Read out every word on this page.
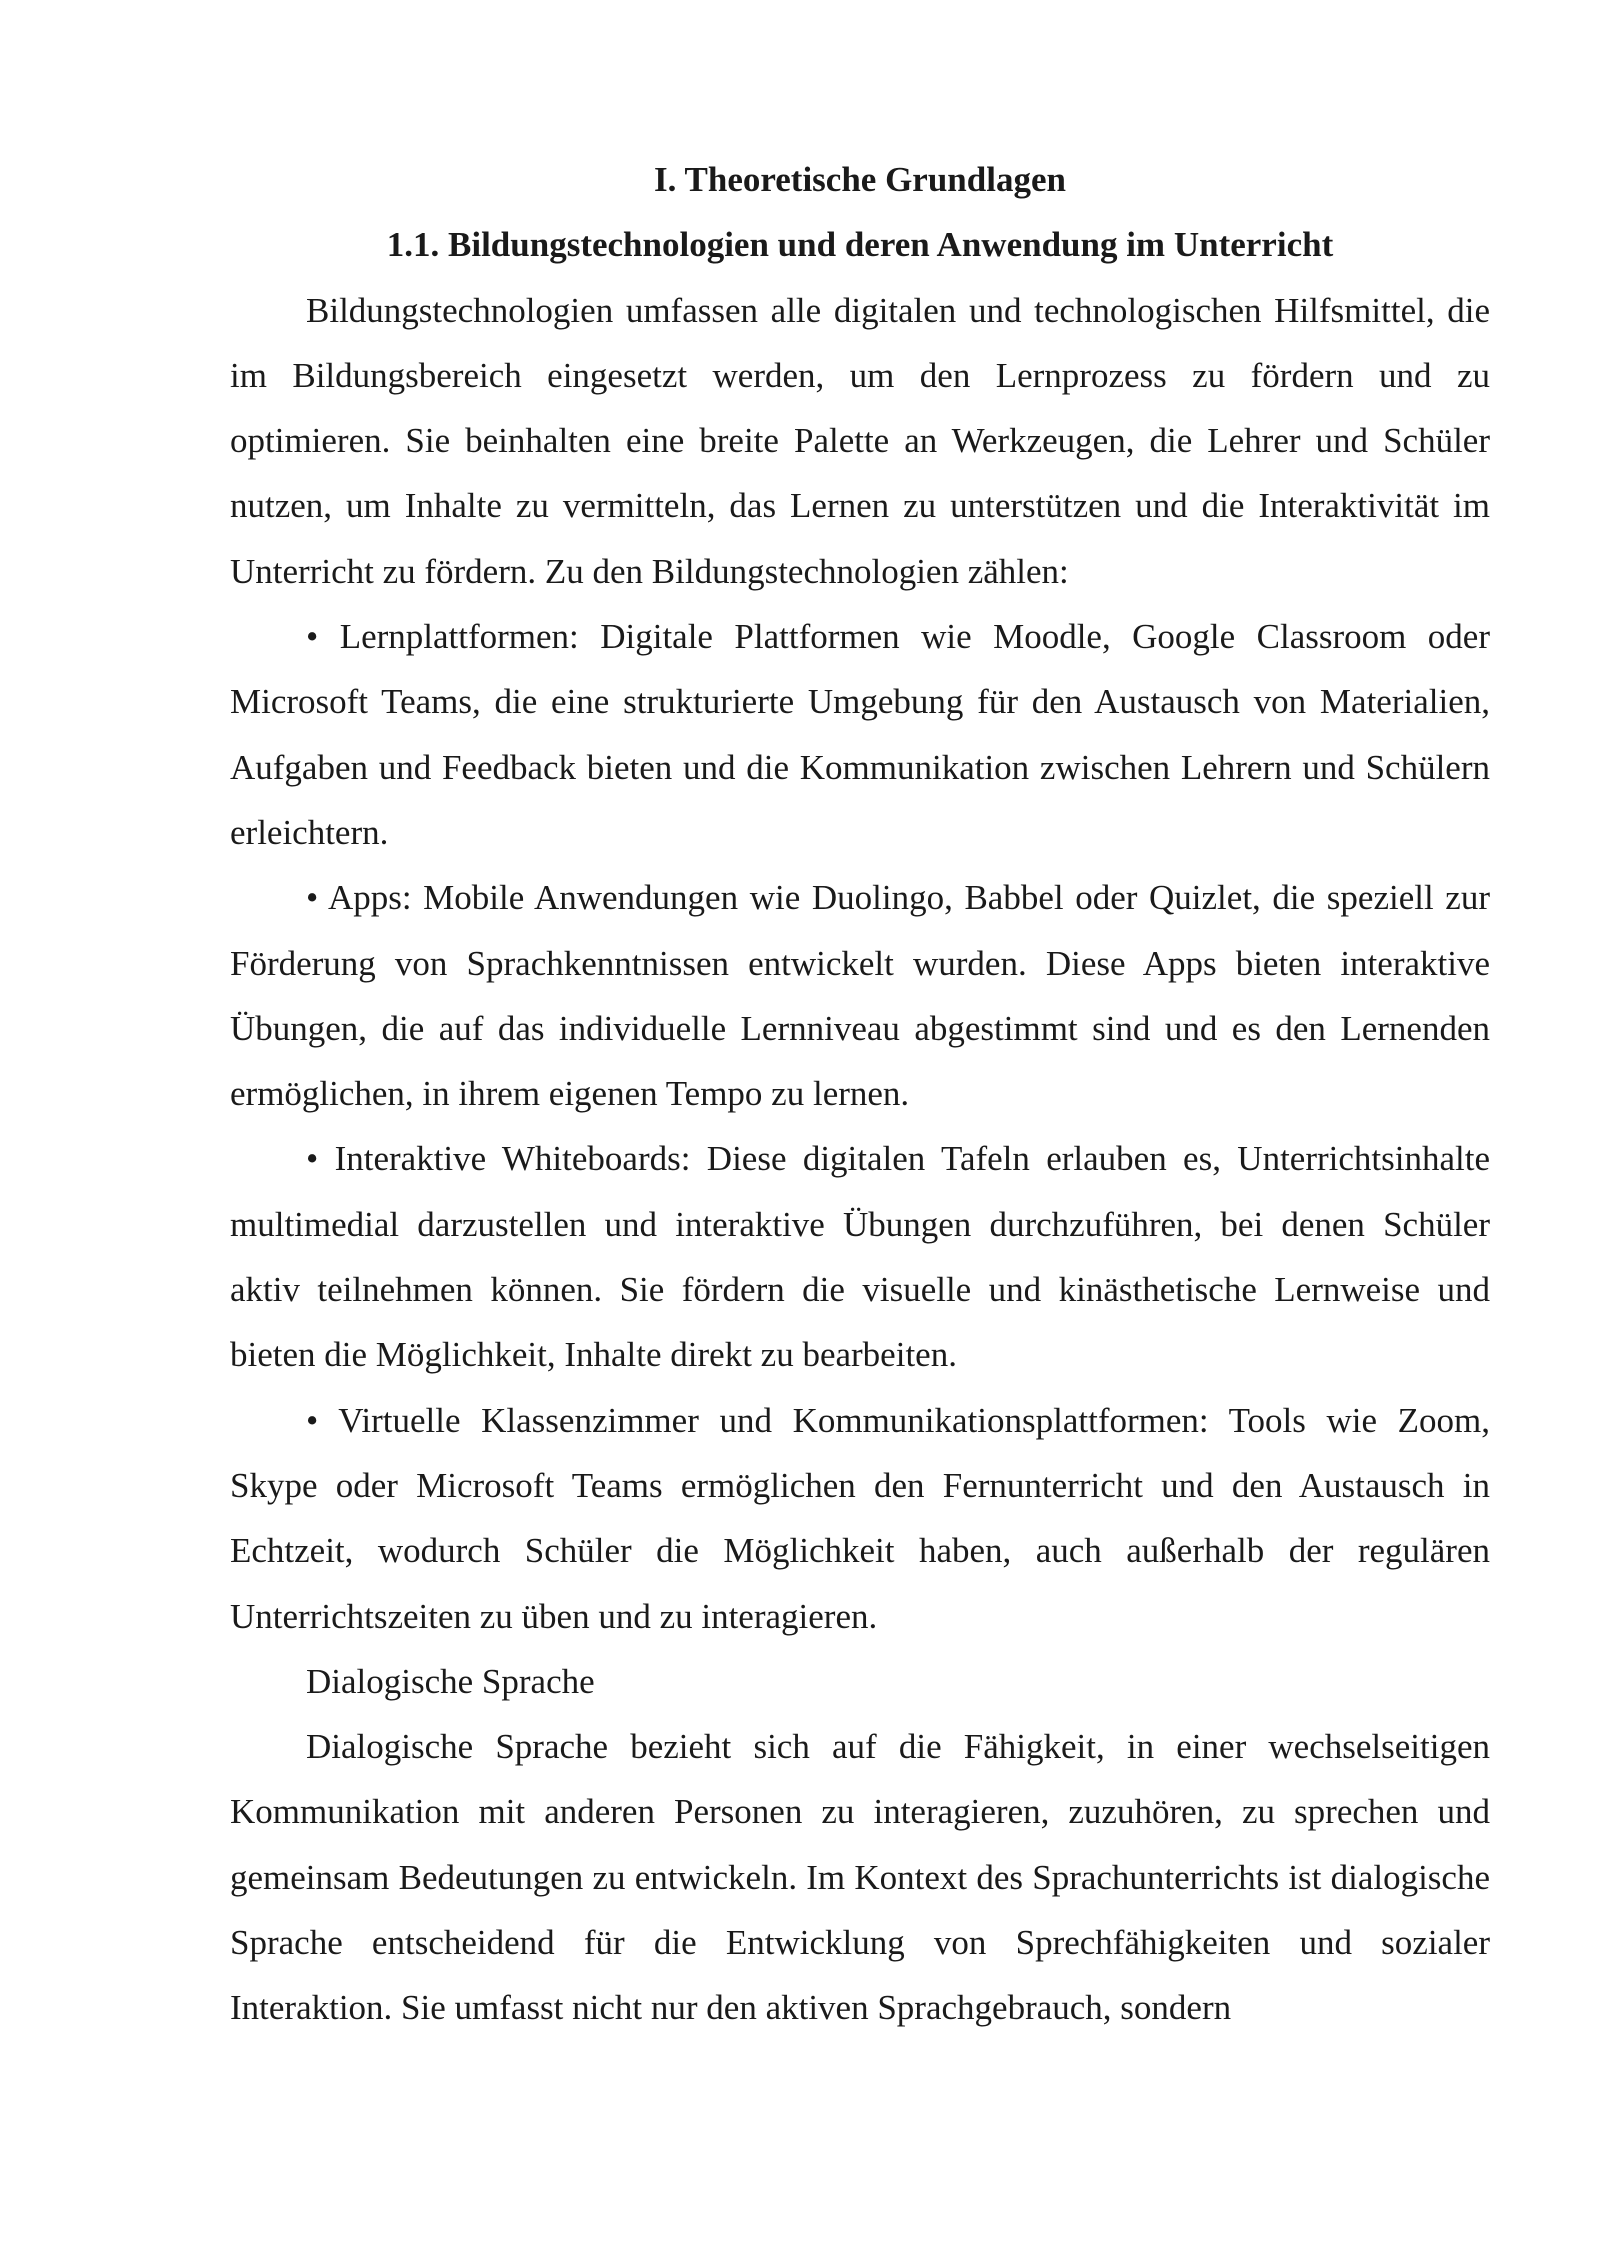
I. Theoretische Grundlagen

1.1. Bildungstechnologien und deren Anwendung im Unterricht

Bildungstechnologien umfassen alle digitalen und technologischen Hilfsmittel, die im Bildungsbereich eingesetzt werden, um den Lernprozess zu fördern und zu optimieren. Sie beinhalten eine breite Palette an Werkzeugen, die Lehrer und Schüler nutzen, um Inhalte zu vermitteln, das Lernen zu unterstützen und die Interaktivität im Unterricht zu fördern. Zu den Bildungstechnologien zählen:

• Lernplattformen: Digitale Plattformen wie Moodle, Google Classroom oder Microsoft Teams, die eine strukturierte Umgebung für den Austausch von Materialien, Aufgaben und Feedback bieten und die Kommunikation zwischen Lehrern und Schülern erleichtern.

• Apps: Mobile Anwendungen wie Duolingo, Babbel oder Quizlet, die speziell zur Förderung von Sprachkenntnissen entwickelt wurden. Diese Apps bieten interaktive Übungen, die auf das individuelle Lernniveau abgestimmt sind und es den Lernenden ermöglichen, in ihrem eigenen Tempo zu lernen.

• Interaktive Whiteboards: Diese digitalen Tafeln erlauben es, Unterrichtsinhalte multimedial darzustellen und interaktive Übungen durchzuführen, bei denen Schüler aktiv teilnehmen können. Sie fördern die visuelle und kinästhetische Lernweise und bieten die Möglichkeit, Inhalte direkt zu bearbeiten.

• Virtuelle Klassenzimmer und Kommunikationsplattformen: Tools wie Zoom, Skype oder Microsoft Teams ermöglichen den Fernunterricht und den Austausch in Echtzeit, wodurch Schüler die Möglichkeit haben, auch außerhalb der regulären Unterrichtszeiten zu üben und zu interagieren.

Dialogische Sprache

Dialogische Sprache bezieht sich auf die Fähigkeit, in einer wechselseitigen Kommunikation mit anderen Personen zu interagieren, zuzuhören, zu sprechen und gemeinsam Bedeutungen zu entwickeln. Im Kontext des Sprachunterrichts ist dialogische Sprache entscheidend für die Entwicklung von Sprechfähigkeiten und sozialer Interaktion. Sie umfasst nicht nur den aktiven Sprachgebrauch, sondern
